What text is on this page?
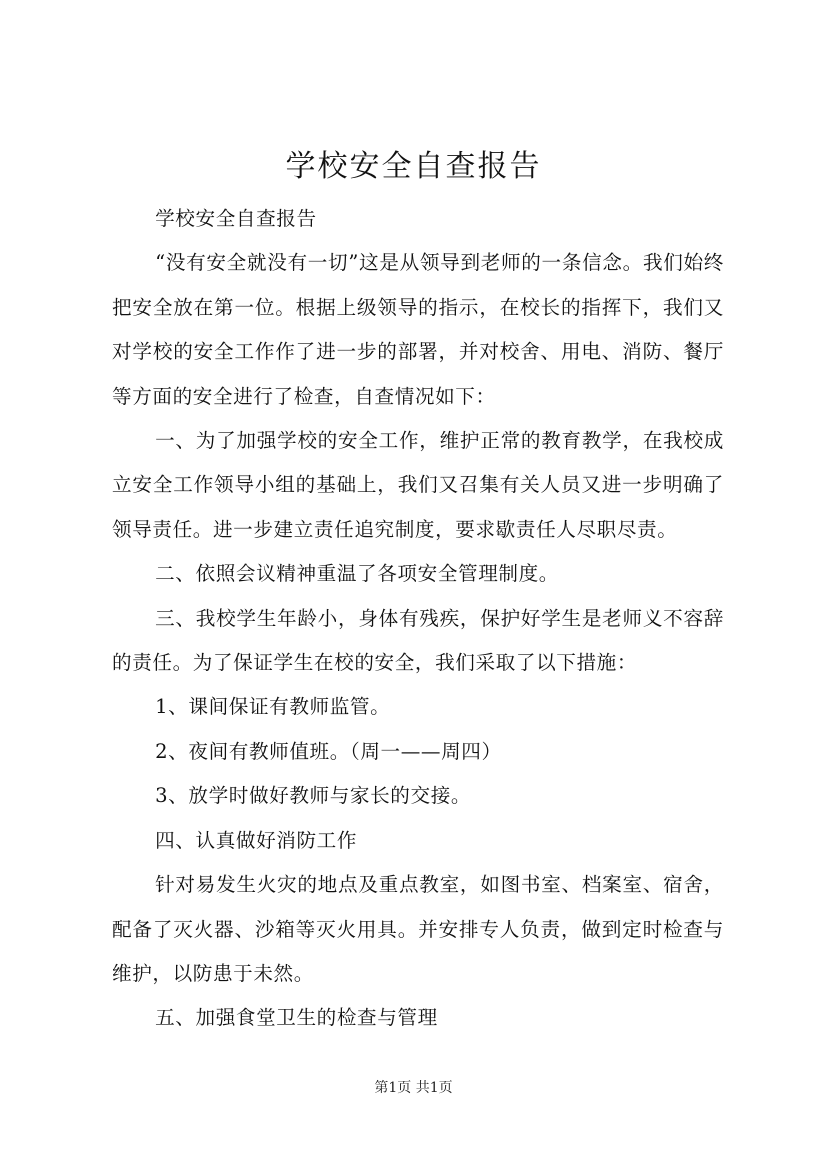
学校安全自查报告

学校安全自查报告

“没有安全就没有一切”这是从领导到老师的一条信念。我们始终把安全放在第一位。根据上级领导的指示，在校长的指挥下，我们又对学校的安全工作作了进一步的部署，并对校舍、用电、消防、餐厅等方面的安全进行了检查，自查情况如下：

一、为了加强学校的安全工作，维护正常的教育教学，在我校成立安全工作领导小组的基础上，我们又召集有关人员又进一步明确了领导责任。进一步建立责任追究制度，要求歇责任人尽职尽责。

二、依照会议精神重温了各项安全管理制度。

三、我校学生年龄小，身体有残疾，保护好学生是老师义不容辞的责任。为了保证学生在校的安全，我们采取了以下措施：

1、课间保证有教师监管。

2、夜间有教师值班。（周一——周四）

3、放学时做好教师与家长的交接。

四、认真做好消防工作

针对易发生火灾的地点及重点教室，如图书室、档案室、宿舍，配备了灭火器、沙箱等灭火用具。并安排专人负责，做到定时检查与维护，以防患于未然。

五、加强食堂卫生的检查与管理

第1页 共1页
